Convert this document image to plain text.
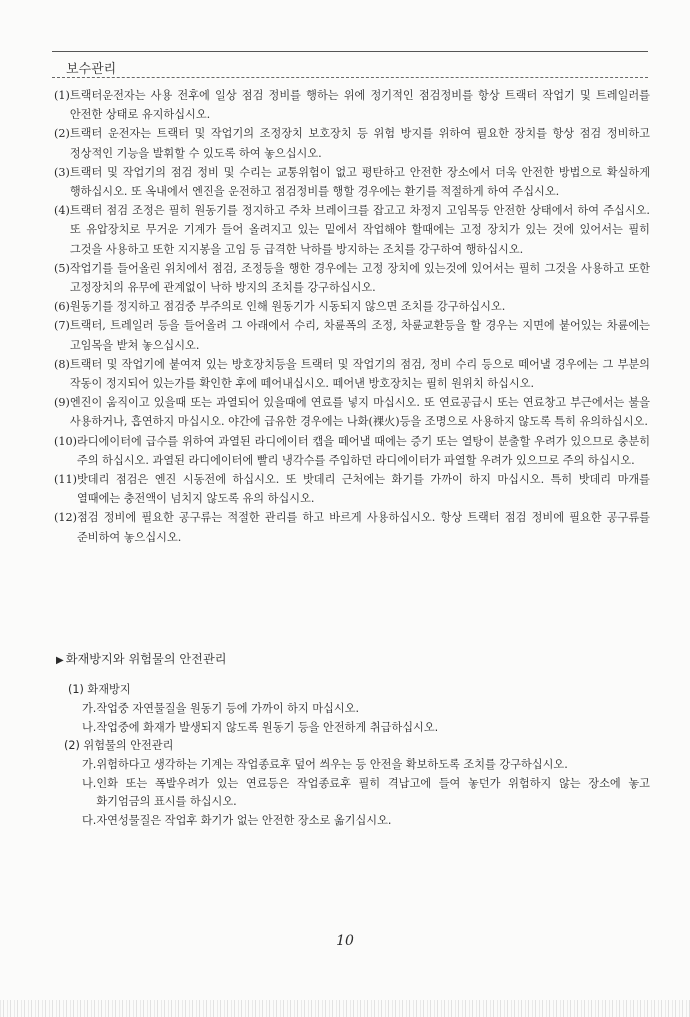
보수관리
(1) 트랙터운전자는 사용 전후에 일상 점검 정비를 행하는 위에 정기적인 점검정비를 항상 트랙터 작업기 및 트레일러를 안전한 상태로 유지하십시오.
(2) 트랙터 운전자는 트랙터 및 작업기의 조정장치 보호장치 등 위험 방지를 위하여 필요한 장치를 항상 점검 정비하고 정상적인 기능을 발휘할 수 있도록 하여 놓으십시오.
(3) 트랙터 및 작업기의 점검 정비 및 수리는 교통위험이 없고 평탄하고 안전한 장소에서 더욱 안전한 방법으로 확실하게 행하십시오. 또 옥내에서 엔진을 운전하고 점검정비를 행할 경우에는 환기를 적절하게 하여 주십시오.
(4) 트랙터 점검 조정은 필히 원동기를 정지하고 주차 브레이크를 잡고고 차정지 고임목등 안전한 상태에서 하여 주십시오. 또 유압장치로 무거운 기계가 들어 올려지고 있는 밑에서 작업해야 할때에는 고정 장치가 있는 것에 있어서는 필히 그것을 사용하고 또한 지지봉을 고임 등 급격한 낙하를 방지하는 조치를 강구하여 행하십시오.
(5) 작업기를 들어올린 위치에서 점검, 조정등을 행한 경우에는 고정 장치에 있는것에 있어서는 필히 그것을 사용하고 또한 고정장치의 유무에 관계없이 낙하 방지의 조치를 강구하십시오.
(6) 원동기를 정지하고 점검중 부주의로 인해 원동기가 시동되지 않으면 조치를 강구하십시오.
(7) 트랙터, 트레일러 등을 들어올려 그 아래에서 수리, 차륜폭의 조정, 차륜교환등을 할 경우는 지면에 붙어있는 차륜에는 고임목을 받쳐 놓으십시오.
(8) 트랙터 및 작업기에 붙여져 있는 방호장치등을 트랙터 및 작업기의 점검, 정비 수리 등으로 떼어낼 경우에는 그 부분의 작동이 정지되어 있는가를 확인한 후에 떼어내십시오. 떼어낸 방호장치는 필히 원위치 하십시오.
(9) 엔진이 움직이고 있을때 또는 과열되어 있을때에 연료를 넣지 마십시오. 또 연료공급시 또는 연료창고 부근에서는 불을 사용하거나, 흡연하지 마십시오. 야간에 급유한 경우에는 나화(裸火)등을 조명으로 사용하지 않도록 특히 유의하십시오.
(10) 라디에이터에 급수를 위하여 과열된 라디에이터 캡을 떼어낼 때에는 증기 또는 열탕이 분출할 우려가 있으므로 충분히 주의 하십시오. 과열된 라디에이터에 빨리 냉각수를 주입하던 라디에이터가 파열할 우려가 있으므로 주의 하십시오.
(11) 밧데리 점검은 엔진 시동전에 하십시오. 또 밧데리 근처에는 화기를 가까이 하지 마십시오. 특히 밧데리 마개를 열때에는 충전액이 넘치지 않도록 유의 하십시오.
(12) 점검 정비에 필요한 공구류는 적절한 관리를 하고 바르게 사용하십시오. 항상 트랙터 점검 정비에 필요한 공구류를 준비하여 놓으십시오.
▶ 화재방지와 위험물의 안전관리
(1) 화재방지
가. 작업중 자연물질을 원동기 등에 가까이 하지 마십시오.
나. 작업중에 화재가 발생되지 않도록 원동기 등을 안전하게 취급하십시오.
(2) 위험물의 안전관리
가. 위험하다고 생각하는 기계는 작업종료후 덮어 씌우는 등 안전을 확보하도록 조치를 강구하십시오.
나. 인화 또는 폭발우려가 있는 연료등은 작업종료후 필히 격납고에 들여 놓던가 위험하지 않는 장소에 놓고 화기엄금의 표시를 하십시오.
다. 자연성물질은 작업후 화기가 없는 안전한 장소로 옮기십시오.
10
